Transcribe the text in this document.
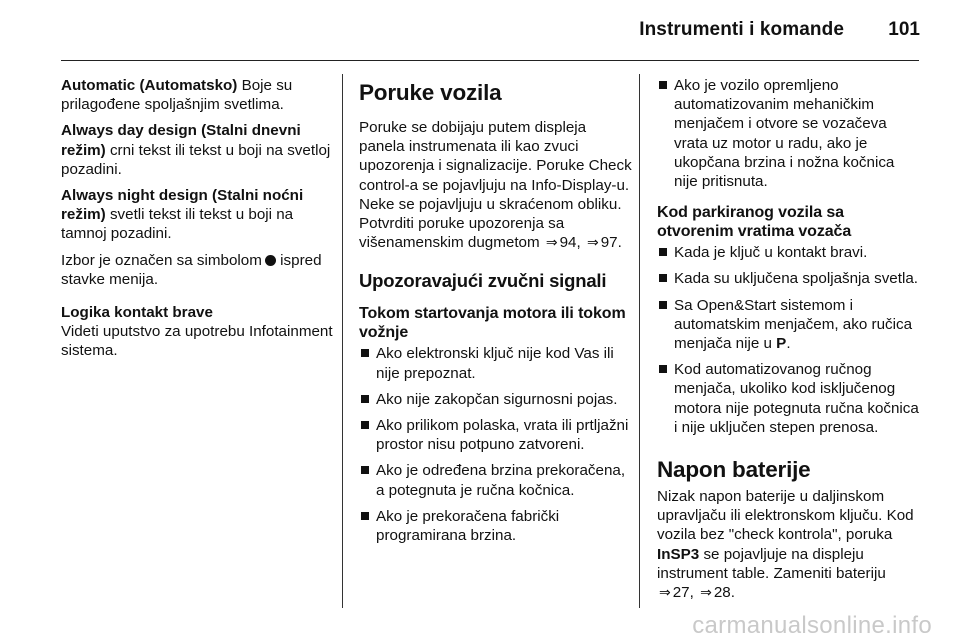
Instrumenti i komande 101

Automatic (Automatsko) Boje su prilagođene spoljašnjim svetlima.

Always day design (Stalni dnevni režim) crni tekst ili tekst u boji na svetloj pozadini.

Always night design (Stalni noćni režim) svetli tekst ili tekst u boji na tamnoj pozadini.

Izbor je označen sa simbolom ispred stavke menija.

Logika kontakt brave
Videti uputstvo za upotrebu Infotainment sistema.

Poruke vozila

Poruke se dobijaju putem displeja panela instrumenata ili kao zvuci upozorenja i signalizacije. Poruke Check control-a se pojavljuju na Info-Display-u. Neke se pojavljuju u skraćenom obliku. Potvrditi poruke upozorenja sa višenamenskim dugmetom ⇒ 94, ⇒ 97.

Upozoravajući zvučni signali
Tokom startovanja motora ili tokom vožnje
Ako elektronski ključ nije kod Vas ili nije prepoznat.
Ako nije zakopčan sigurnosni pojas.
Ako prilikom polaska, vrata ili prtljažni prostor nisu potpuno zatvoreni.
Ako je određena brzina prekoračena, a potegnuta je ručna kočnica.
Ako je prekoračena fabrički programirana brzina.
Ako je vozilo opremljeno automatizovanim mehaničkim menjačem i otvore se vozačeva vrata uz motor u radu, ako je ukopčana brzina i nožna kočnica nije pritisnuta.
Kod parkiranog vozila sa otvorenim vratima vozača
Kada je ključ u kontakt bravi.
Kada su uključena spoljašnja svetla.
Sa Open&Start sistemom i automatskim menjačem, ako ručica menjača nije u P.
Kod automatizovanog ručnog menjača, ukoliko kod isključenog motora nije potegnuta ručna kočnica i nije uključen stepen prenosa.
Napon baterije

Nizak napon baterije u daljinskom upravljaču ili elektronskom ključu. Kod vozila bez "check kontrola", poruka InSP3 se pojavljuje na displeju instrument table. Zameniti bateriju ⇒ 27, ⇒ 28.

carmanualsonline.info
